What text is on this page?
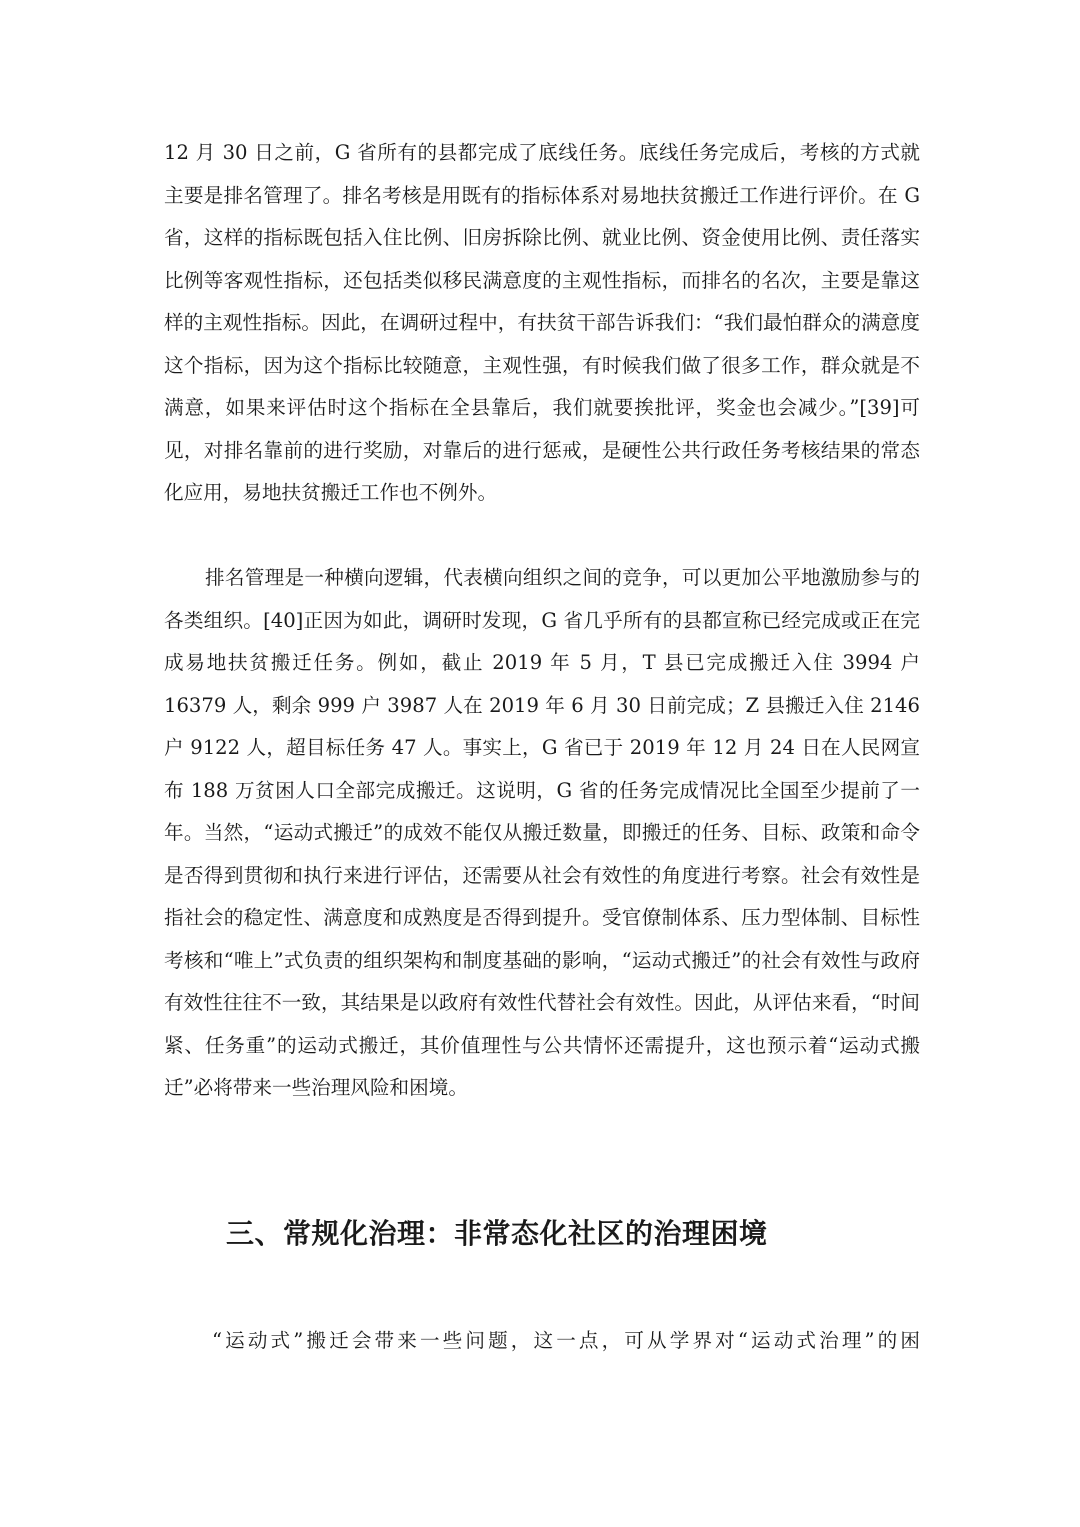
12 月 30 日之前，G 省所有的县都完成了底线任务。底线任务完成后，考核的方式就主要是排名管理了。排名考核是用既有的指标体系对易地扶贫搬迁工作进行评价。在 G 省，这样的指标既包括入住比例、旧房拆除比例、就业比例、资金使用比例、责任落实比例等客观性指标，还包括类似移民满意度的主观性指标，而排名的名次，主要是靠这样的主观性指标。因此，在调研过程中，有扶贫干部告诉我们：“我们最怕群众的满意度这个指标，因为这个指标比较随意，主观性强，有时候我们做了很多工作，群众就是不满意，如果来评估时这个指标在全县靠后，我们就要挨批评，奖金也会减少。”[39]可见，对排名靠前的进行奖励，对靠后的进行惩戒，是硬性公共行政任务考核结果的常态化应用，易地扶贫搬迁工作也不例外。

排名管理是一种横向逻辑，代表横向组织之间的竞争，可以更加公平地激励参与的各类组织。[40]正因为如此，调研时发现，G 省几乎所有的县都宣称已经完成或正在完成易地扶贫搬迁任务。例如，截止 2019 年 5 月，T 县已完成搬迁入住 3994 户 16379 人，剩余 999 户 3987 人在 2019 年 6 月 30 日前完成；Z 县搬迁入住 2146 户 9122 人，超目标任务 47 人。事实上，G 省已于 2019 年 12 月 24 日在人民网宣布 188 万贫困人口全部完成搬迁。这说明，G 省的任务完成情况比全国至少提前了一年。当然，“运动式搬迁”的成效不能仅从搬迁数量，即搬迁的任务、目标、政策和命令是否得到贯彻和执行来进行评估，还需要从社会有效性的角度进行考察。社会有效性是指社会的稳定性、满意度和成熟度是否得到提升。受官僚制体系、压力型体制、目标性考核和“唯上”式负责的组织架构和制度基础的影响，“运动式搬迁”的社会有效性与政府有效性往往不一致，其结果是以政府有效性代替社会有效性。因此，从评估来看，“时间紧、任务重”的运动式搬迁，其价值理性与公共情怀还需提升，这也预示着“运动式搬迁”必将带来一些治理风险和困境。

三、常规化治理：非常态化社区的治理困境

“运动式”搬迁会带来一些问题，这一点，可从学界对“运动式治理”的困
